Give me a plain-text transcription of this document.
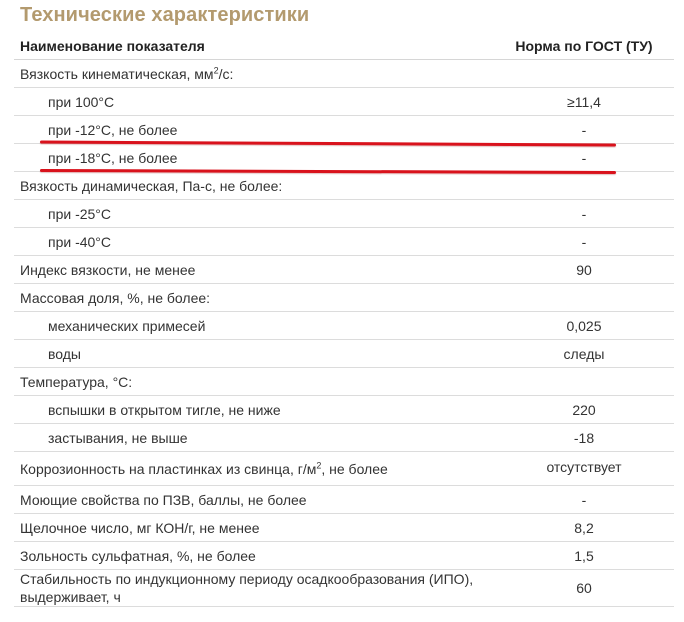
Технические характеристики
Наименование показателя	Норма по ГОСТ (ТУ)
Вязкость кинематическая, $мм^2/с$:	
при 100°С	≥11,4
при -12°С, не более	-
при -18°С, не более	-
Вязкость динамическая, Па-с, не более:	
при -25°С	-
при -40°С	-
Индекс вязкости, не менее	90
Массовая доля, %, не более:	
механических примесей	0,025
воды	следы
Температура, °С:	
вспышки в открытом тигле, не ниже	220
застывания, не выше	-18
Коррозионность на пластинках из свинца, $г/м^2$, не более	отсутствует
Моющие свойства по ПЗВ, баллы, не более	-
Щелочное число, мг КОН/г, не менее	8,2
Зольность сульфатная, %, не более	1,5
Стабильность по индукционному периоду осадкообразования (ИПО), выдерживает, ч	60
